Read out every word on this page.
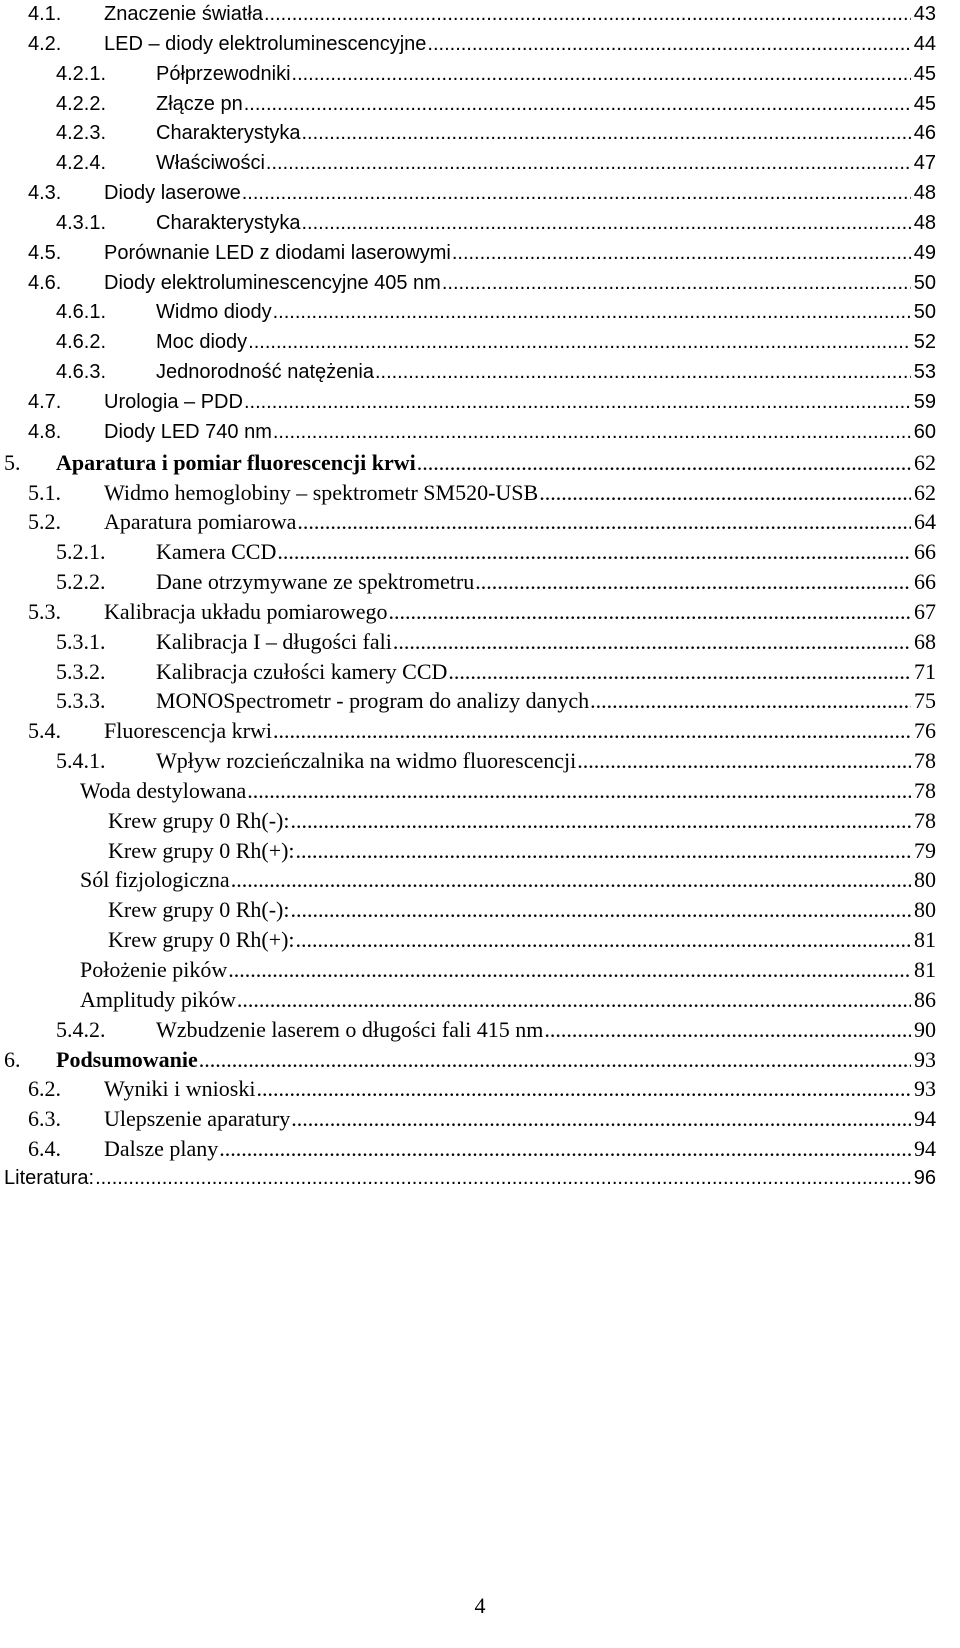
4.1.	Znaczenie światła .....	43
4.2.	LED – diody elektroluminescencyjne .....	44
4.2.1.	Półprzewodniki .....	45
4.2.2.	Złącze pn .....	45
4.2.3.	Charakterystyka .....	46
4.2.4.	Właściwości .....	47
4.3.	Diody laserowe .....	48
4.3.1.	Charakterystyka .....	48
4.5.	Porównanie LED z diodami laserowymi .....	49
4.6.	Diody elektroluminescencyjne 405 nm .....	50
4.6.1.	Widmo diody .....	50
4.6.2.	Moc diody .....	52
4.6.3.	Jednorodność natężenia .....	53
4.7.	Urologia – PDD .....	59
4.8.	Diody LED 740 nm .....	60
5.	Aparatura i pomiar fluorescencji krwi .....	62
5.1.	Widmo hemoglobiny – spektrometr SM520-USB .....	62
5.2.	Aparatura pomiarowa .....	64
5.2.1.	Kamera CCD .....	66
5.2.2.	Dane otrzymywane ze spektrometru .....	66
5.3.	Kalibracja układu pomiarowego .....	67
5.3.1.	Kalibracja I – długości fali .....	68
5.3.2.	Kalibracja czułości kamery CCD .....	71
5.3.3.	MONOSpectrometr - program do analizy danych .....	75
5.4.	Fluorescencja krwi .....	76
5.4.1.	Wpływ rozcieńczalnika na widmo fluorescencji .....	78
Woda destylowana .....	78
Krew grupy 0 Rh(-): .....	78
Krew grupy 0 Rh(+): .....	79
Sól fizjologiczna .....	80
Krew grupy 0 Rh(-): .....	80
Krew grupy 0 Rh(+): .....	81
Położenie pików .....	81
Amplitudy pików .....	86
5.4.2.	Wzbudzenie laserem o długości fali 415 nm .....	90
6.	Podsumowanie .....	93
6.2.	Wyniki i wnioski .....	93
6.3.	Ulepszenie aparatury .....	94
6.4.	Dalsze plany .....	94
Literatura: .....	96
4
